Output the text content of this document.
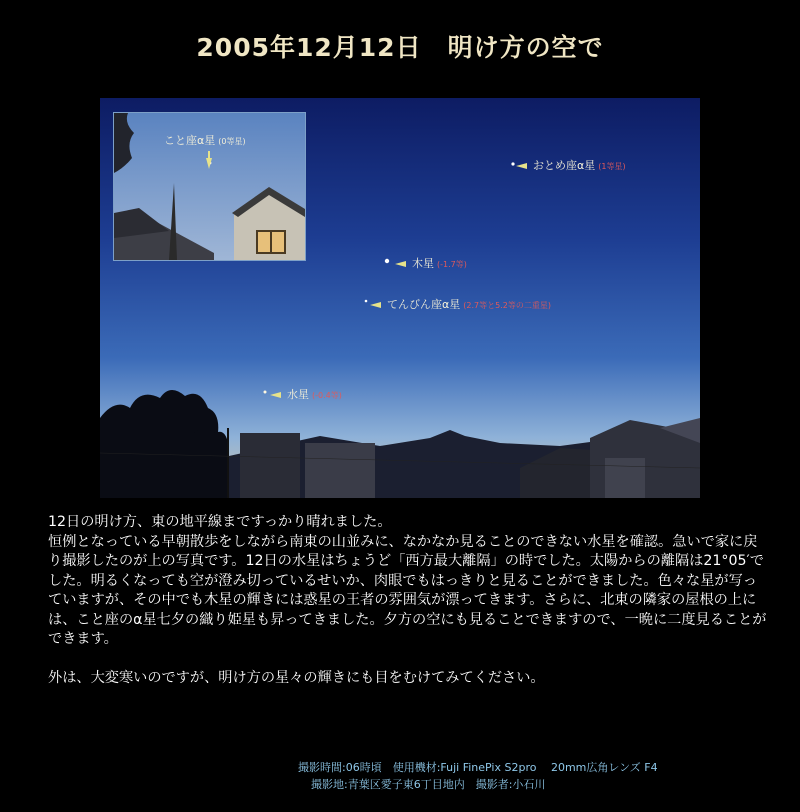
2005年12月12日　明け方の空で
こと座α星 (0等星)
おとめ座α星 (1等星)
木星 (-1.7等)
てんびん座α星 (2.7等と5.2等の二重星)
水星 (-0.4等)

12日の明け方、東の地平線まですっかり晴れました。

恒例となっている早朝散歩をしながら南東の山並みに、なかなか見ることのできない水星を確認。急いで家に戻り撮影したのが上の写真です。12日の水星はちょうど「西方最大離隔」の時でした。太陽からの離隔は21°05′でした。明るくなっても空が澄み切っているせいか、肉眼でもはっきりと見ることができました。色々な星が写っていますが、その中でも木星の輝きには惑星の王者の雰囲気が漂ってきます。さらに、北東の隣家の屋根の上には、こと座のα星七夕の織り姫星も昇ってきました。夕方の空にも見ることできますので、一晩に二度見ることができます。

外は、大変寒いのですが、明け方の星々の輝きにも目をむけてみてください。

撮影時間:06時頃　使用機材:Fuji FinePix S2pro　 20mm広角レンズ F4
撮影地:青葉区愛子東6丁目地内　撮影者:小石川
